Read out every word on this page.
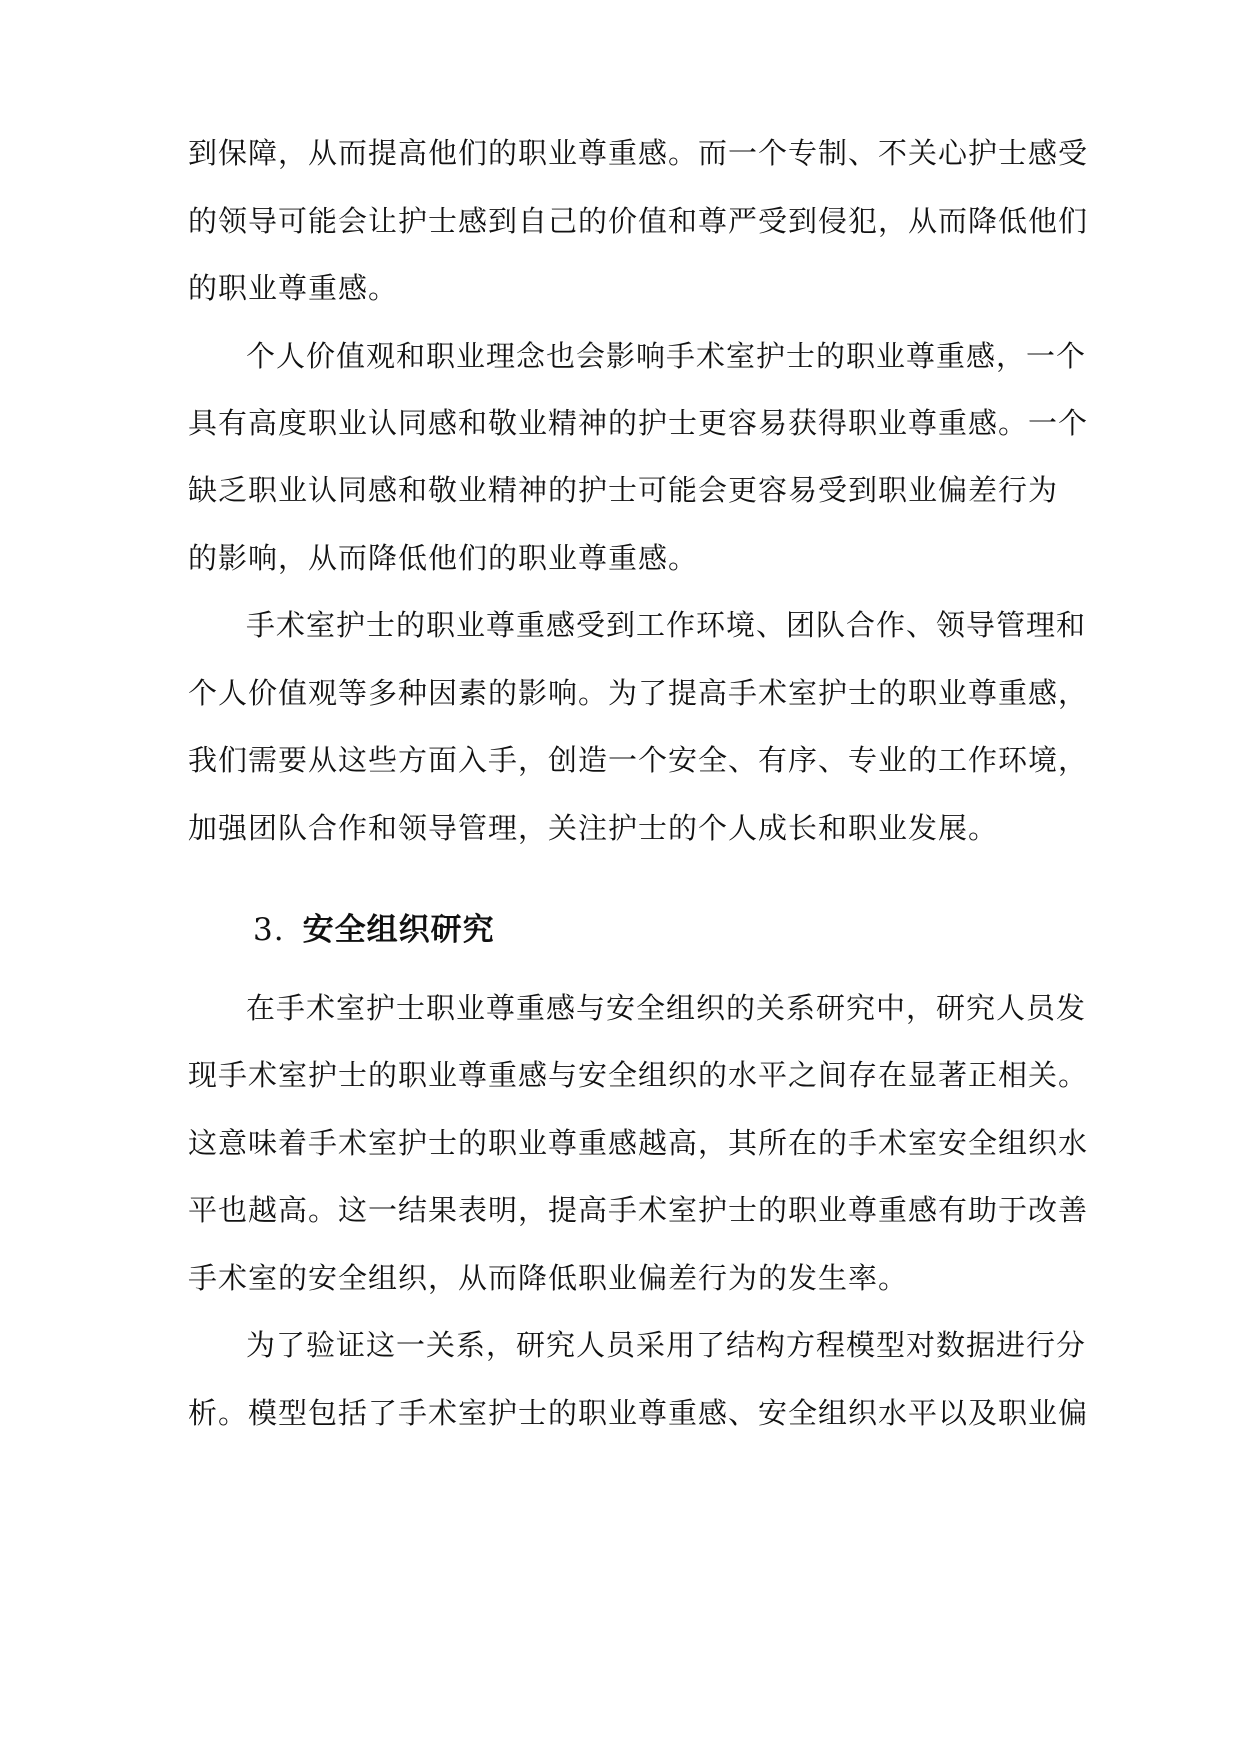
到保障，从而提高他们的职业尊重感。而一个专制、不关心护士感受
的领导可能会让护士感到自己的价值和尊严受到侵犯，从而降低他们
的职业尊重感。
个人价值观和职业理念也会影响手术室护士的职业尊重感，一个
具有高度职业认同感和敬业精神的护士更容易获得职业尊重感。一个
缺乏职业认同感和敬业精神的护士可能会更容易受到职业偏差行为
的影响，从而降低他们的职业尊重感。
手术室护士的职业尊重感受到工作环境、团队合作、领导管理和
个人价值观等多种因素的影响。为了提高手术室护士的职业尊重感，
我们需要从这些方面入手，创造一个安全、有序、专业的工作环境，
加强团队合作和领导管理，关注护士的个人成长和职业发展。
3. 安全组织研究
在手术室护士职业尊重感与安全组织的关系研究中，研究人员发
现手术室护士的职业尊重感与安全组织的水平之间存在显著正相关。
这意味着手术室护士的职业尊重感越高，其所在的手术室安全组织水
平也越高。这一结果表明，提高手术室护士的职业尊重感有助于改善
手术室的安全组织，从而降低职业偏差行为的发生率。
为了验证这一关系，研究人员采用了结构方程模型对数据进行分
析。模型包括了手术室护士的职业尊重感、安全组织水平以及职业偏
